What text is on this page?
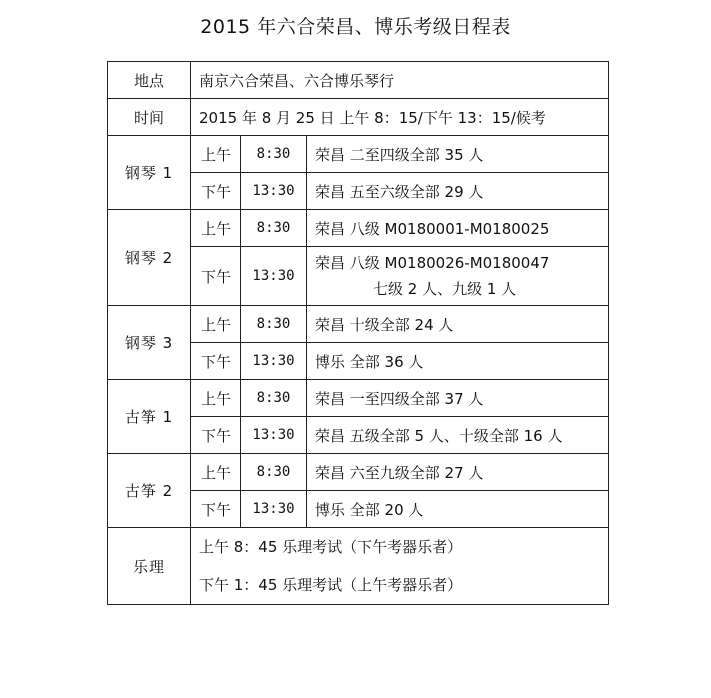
2015 年六合荣昌、博乐考级日程表
地点	南京六合荣昌、六合博乐琴行		
时间	2015 年 8 月 25 日 上午 8：15/下午 13：15/候考		
钢琴 1	上午	8:30	荣昌 二至四级全部 35 人
	下午	13:30	荣昌 五至六级全部 29 人
钢琴 2	上午	8:30	荣昌 八级 M0180001-M0180025
	下午	13:30	荣昌 八级 M0180026-M0180047
七级 2 人、九级 1 人

钢琴 3	上午	8:30	荣昌 十级全部 24 人
	下午	13:30	博乐 全部 36 人
古筝 1	上午	8:30	荣昌 一至四级全部 37 人
	下午	13:30	荣昌 五级全部 5 人、十级全部 16 人
古筝 2	上午	8:30	荣昌 六至九级全部 27 人
	下午	13:30	博乐 全部 20 人
乐理	上午 8：45 乐理考试（下午考器乐者）
下午 1：45 乐理考试（上午考器乐者）		
